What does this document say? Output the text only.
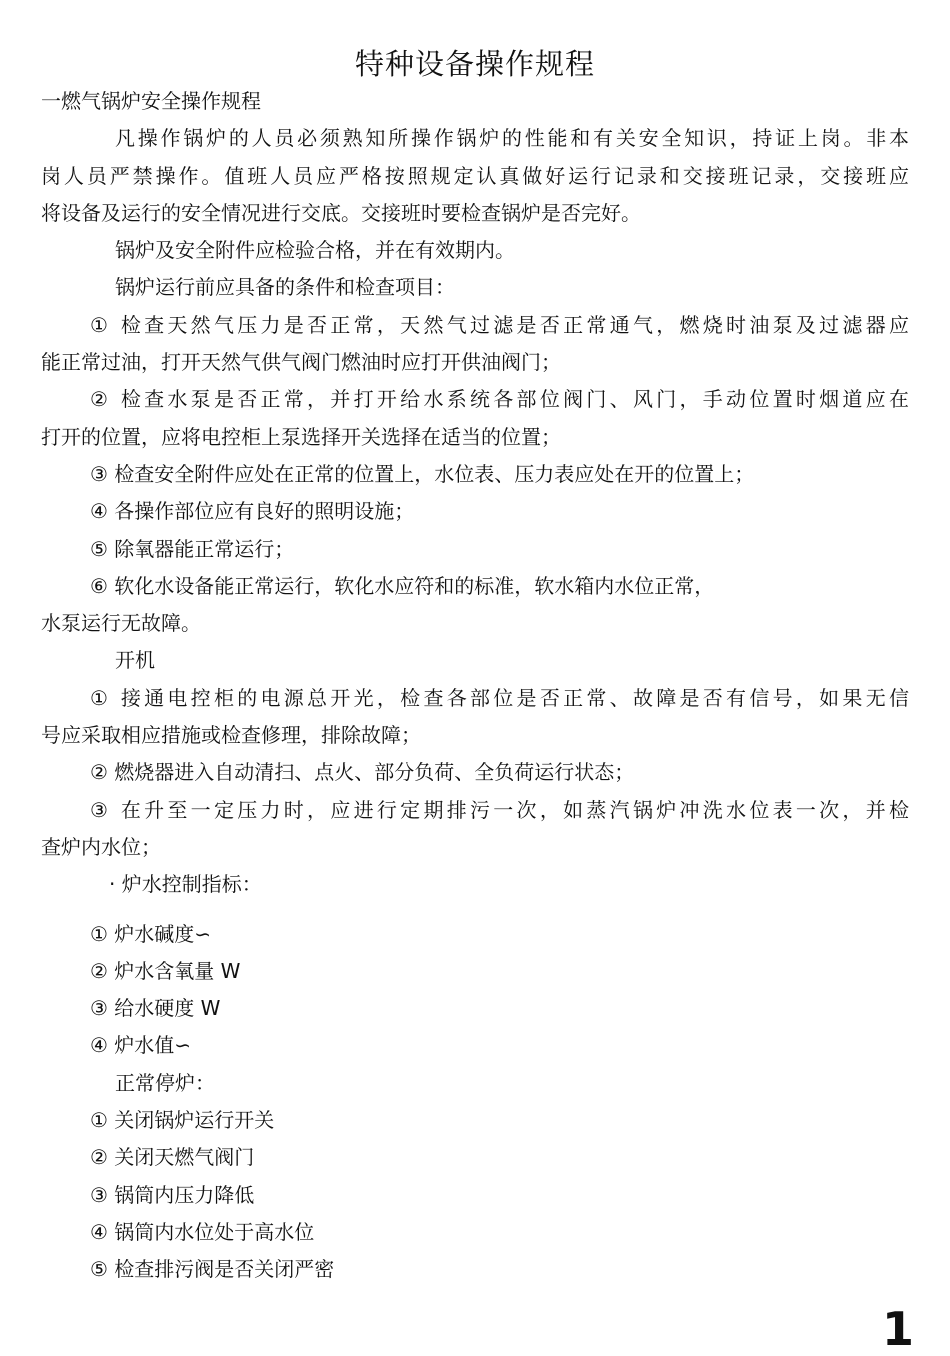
特种设备操作规程
一燃气锅炉安全操作规程
凡操作锅炉的人员必须熟知所操作锅炉的性能和有关安全知识，持证上岗。非本
岗人员严禁操作。值班人员应严格按照规定认真做好运行记录和交接班记录，交接班应
将设备及运行的安全情况进行交底。交接班时要检查锅炉是否完好。
锅炉及安全附件应检验合格，并在有效期内。
锅炉运行前应具备的条件和检查项目：
① 检查天然气压力是否正常，天然气过滤是否正常通气，燃烧时油泵及过滤器应
能正常过油，打开天然气供气阀门燃油时应打开供油阀门；
② 检查水泵是否正常，并打开给水系统各部位阀门、风门，手动位置时烟道应在
打开的位置，应将电控柜上泵选择开关选择在适当的位置；
③ 检查安全附件应处在正常的位置上，水位表、压力表应处在开的位置上；
④ 各操作部位应有良好的照明设施；
⑤ 除氧器能正常运行；
⑥ 软化水设备能正常运行，软化水应符和的标准，软水箱内水位正常，
水泵运行无故障。
开机
① 接通电控柜的电源总开光，检查各部位是否正常、故障是否有信号，如果无信
号应采取相应措施或检查修理，排除故障；
② 燃烧器进入自动清扫、点火、部分负荷、全负荷运行状态；
③ 在升至一定压力时，应进行定期排污一次，如蒸汽锅炉冲洗水位表一次，并检
查炉内水位；
· 炉水控制指标：
① 炉水碱度∽
② 炉水含氧量 W
③ 给水硬度 W
④ 炉水值∽
正常停炉：
① 关闭锅炉运行开关
② 关闭天燃气阀门
③ 锅筒内压力降低
④ 锅筒内水位处于高水位
⑤ 检查排污阀是否关闭严密
1
